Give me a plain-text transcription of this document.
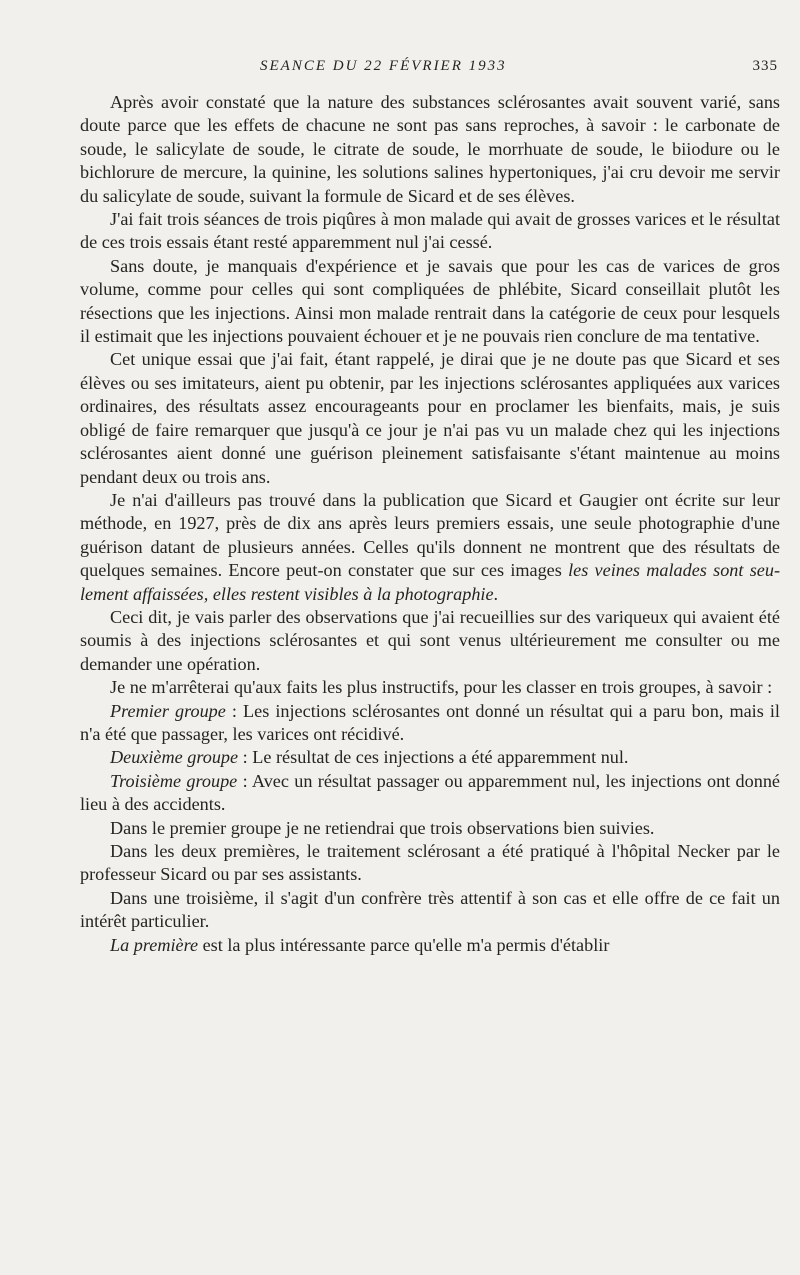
SEANCE DU 22 FÉVRIER 1933	335

Après avoir constaté que la nature des substances sclérosantes avait souvent varié, sans doute parce que les effets de chacune ne sont pas sans reproches, à savoir : le carbonate de soude, le salicylate de soude, le citrate de soude, le morrhuate de soude, le biiodure ou le bichlorure de mercure, la quinine, les solutions salines hypertoniques, j'ai cru devoir me servir du salicylate de soude, suivant la formule de Sicard et de ses élèves.

J'ai fait trois séances de trois piqûres à mon malade qui avait de grosses varices et le résultat de ces trois essais étant resté apparemment nul j'ai cessé.

Sans doute, je manquais d'expérience et je savais que pour les cas de varices de gros volume, comme pour celles qui sont compliquées de phlébite, Sicard conseillait plutôt les résections que les injections. Ainsi mon malade rentrait dans la catégorie de ceux pour lesquels il estimait que les injections pouvaient échouer et je ne pouvais rien conclure de ma tentative.

Cet unique essai que j'ai fait, étant rappelé, je dirai que je ne doute pas que Sicard et ses élèves ou ses imitateurs, aient pu obtenir, par les injections sclérosantes appliquées aux varices ordinaires, des résultats assez encourageants pour en proclamer les bienfaits, mais, je suis obligé de faire remarquer que jusqu'à ce jour je n'ai pas vu un malade chez qui les injections sclérosantes aient donné une guérison pleinement satisfaisante s'étant maintenue au moins pendant deux ou trois ans.

Je n'ai d'ailleurs pas trouvé dans la publication que Sicard et Gaugier ont écrite sur leur méthode, en 1927, près de dix ans après leurs premiers essais, une seule photographie d'une guérison datant de plusieurs années. Celles qu'ils donnent ne montrent que des résultats de quelques semaines. Encore peut-on constater que sur ces images les veines malades sont seulement affaissées, elles restent visibles à la photographie.

Ceci dit, je vais parler des observations que j'ai recueillies sur des variqueux qui avaient été soumis à des injections sclérosantes et qui sont venus ultérieurement me consulter ou me demander une opération.

Je ne m'arrêterai qu'aux faits les plus instructifs, pour les classer en trois groupes, à savoir :

Premier groupe : Les injections sclérosantes ont donné un résultat qui a paru bon, mais il n'a été que passager, les varices ont récidivé.

Deuxième groupe : Le résultat de ces injections a été apparemment nul.

Troisième groupe : Avec un résultat passager ou apparemment nul, les injections ont donné lieu à des accidents.

Dans le premier groupe je ne retiendrai que trois observations bien suivies.

Dans les deux premières, le traitement sclérosant a été pratiqué à l'hôpital Necker par le professeur Sicard ou par ses assistants.

Dans une troisième, il s'agit d'un confrère très attentif à son cas et elle offre de ce fait un intérêt particulier.

La première est la plus intéressante parce qu'elle m'a permis d'établir
